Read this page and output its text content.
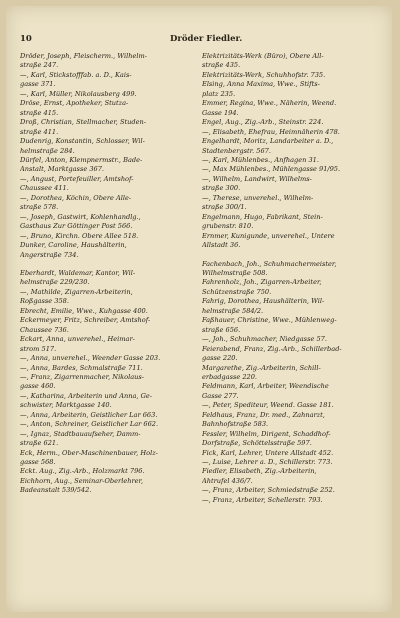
10	Dröder Fiedler.
Dröder, Joseph, Fleischerm., Wilhelm-
straße 247.
—, Karl, Stickstofffab. a. D., Kais-
gasse 371.
—, Karl, Müller, Nikolausberg 499.
Dröse, Ernst, Apotheker, Stutza-
straße 415.
Droß, Christian, Stellmacher, Studen-
straße 411.
Dudenrig, Konstantin, Schlosser, Wil-
helmstraße 284.
Dürfel, Anton, Klempnermstr., Bade-
Anstalt, Marktgasse 367.
—, Angust, Portefeuiller, Amtshof-
Chaussee 411.
—, Dorothea, Köchin, Obere Alle-
straße 578.
—, Joseph, Gastwirt, Kohlenhandlg.,
Gasthaus Zur Göttinger Post 566.
—, Bruno, Kirchn. Obere Allee 518.
Dunker, Caroline, Haushälterin,
Angerstraße 734.
Eberhardt, Waldemar, Kantor, Wil-
helmstraße 229/230.
—, Mathilde, Zigarren-Arbeiterin,
Roßgasse 358.
Ebrecht, Emilie, Wwe., Kuhgasse 400.
Eckermeyer, Fritz, Schreiber, Amtshof-
Chaussee 736.
Eckart, Anna, unverehel., Heimar-
strom 517.
—, Anna, unverehel., Weender Gasse 203.
—, Anna, Bardes, Schmalstraße 711.
—, Franz, Zigarrenmacher, Nikolaus-
gasse 460.
—, Katharina, Arbeiterin und Anna, Ge-
schwister, Marktgasse 140.
—, Anna, Arbeiterin, Geistlicher Lar 663.
—, Anton, Schreiner, Geistlicher Lar 662.
—, Ignaz, Stadtbauaufseher, Damm-
straße 621.
Eck, Herm., Ober-Maschinenbauer, Holz-
gasse 568.
Eckt. Aug., Zig.-Arb., Holzmarkt 796.
Eichhorn, Aug., Seminar-Oberlehrer,
Badeanstalt 539/542.
Elektrizitäts-Werk (Büro), Obere All-
straße 435.
Elektrizitäts-Werk, Schuhhofstr. 735.
Elsing, Anna Maxima, Wwe., Stifts-
platz 235.
Emmer, Regina, Wwe., Näherin, Weend.
Gasse 194.
Engel, Aug., Zig.-Arb., Steinstr. 224.
—, Elisabeth, Ehefrau, Heimnäherin 478.
Engelhardt, Moritz, Landarbeiter a. D.,
Stadtenbergstr. 567.
—, Karl, Mühlenbes., Anfhagen 31.
—, Max Mühlenbes., Mühlengasse 91/95.
—, Wilhelm, Landwirt, Wilhelms-
straße 300.
—, Therese, unverehel., Wilhelm-
straße 300/1.
Engelmann, Hugo, Fabrikant, Stein-
grubenstr. 810.
Ernmer, Kunigunde, unverehel., Untere
Allstadt 36.
Fachenbach, Joh., Schuhmachermeister,
Wilhelmstraße 508.
Fahrenholz, Joh., Zigarren-Arbeiter,
Schützenstraße 750.
Fahrig, Dorothea, Haushälterin, Wil-
helmstraße 584/2.
Faßhauer, Christine, Wwe., Mühlenweg-
straße 656.
—, Joh., Schuhmacher, Niedgasse 57.
Feierabend, Franz, Zig.-Arb., Schillerbad-
gasse 220.
Margarethe, Zig.-Arbeiterin, Schill-
erbadgasse 220.
Feldmann, Karl, Arbeiter, Weendische
Gasse 277.
—, Peter, Spediteur, Weend. Gasse 181.
Feldhaus, Franz, Dr. med., Zahnarzt,
Bahnhofstraße 583.
Fessler, Wilhelm, Dirigent, Schaddhof-
Dorfstraße, Schöttelsstraße 597.
Fick, Karl, Lehrer, Untere Allstadt 452.
—, Luise, Lehrer a. D., Schillerstr. 773.
Fiedler, Elisabeth, Zig.-Arbeiterin,
Ahtrufel 436/7.
—, Franz, Arbeiter, Schmiedstraße 252.
—, Franz, Arbeiter, Schellerstr. 793.
